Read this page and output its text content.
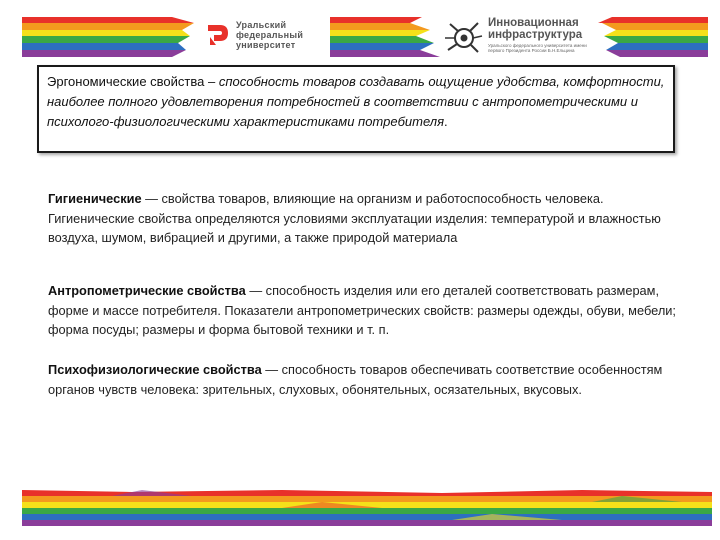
Уральский
федеральный
университет
Инновационная
инфраструктура
Уральского федерального университета имени первого Президента России Б.Н.Ельцина
Эргономические свойства – способность товаров создавать ощущение удобства, комфортности, наиболее полного удовлетворения потребностей в соответствии с антропометрическими и психолого-физиологическими характеристиками потребителя.
Гигиенические — свойства товаров, влияющие на организм и работоспособность человека. Гигиенические свойства определяются условиями эксплуатации изделия: температурой и влажностью воздуха, шумом, вибрацией и другими, а также природой материала
Антропометрические свойства — способность изделия или его деталей соответствовать размерам, форме и массе потребителя. Показатели антропометрических свойств: размеры одежды, обуви, мебели; форма посуды; размеры и форма бытовой техники и т. п.
Психофизиологические свойства — способность товаров обеспечивать соответствие особенностям органов чувств человека: зрительных, слуховых, обонятельных, осязательных, вкусовых.
